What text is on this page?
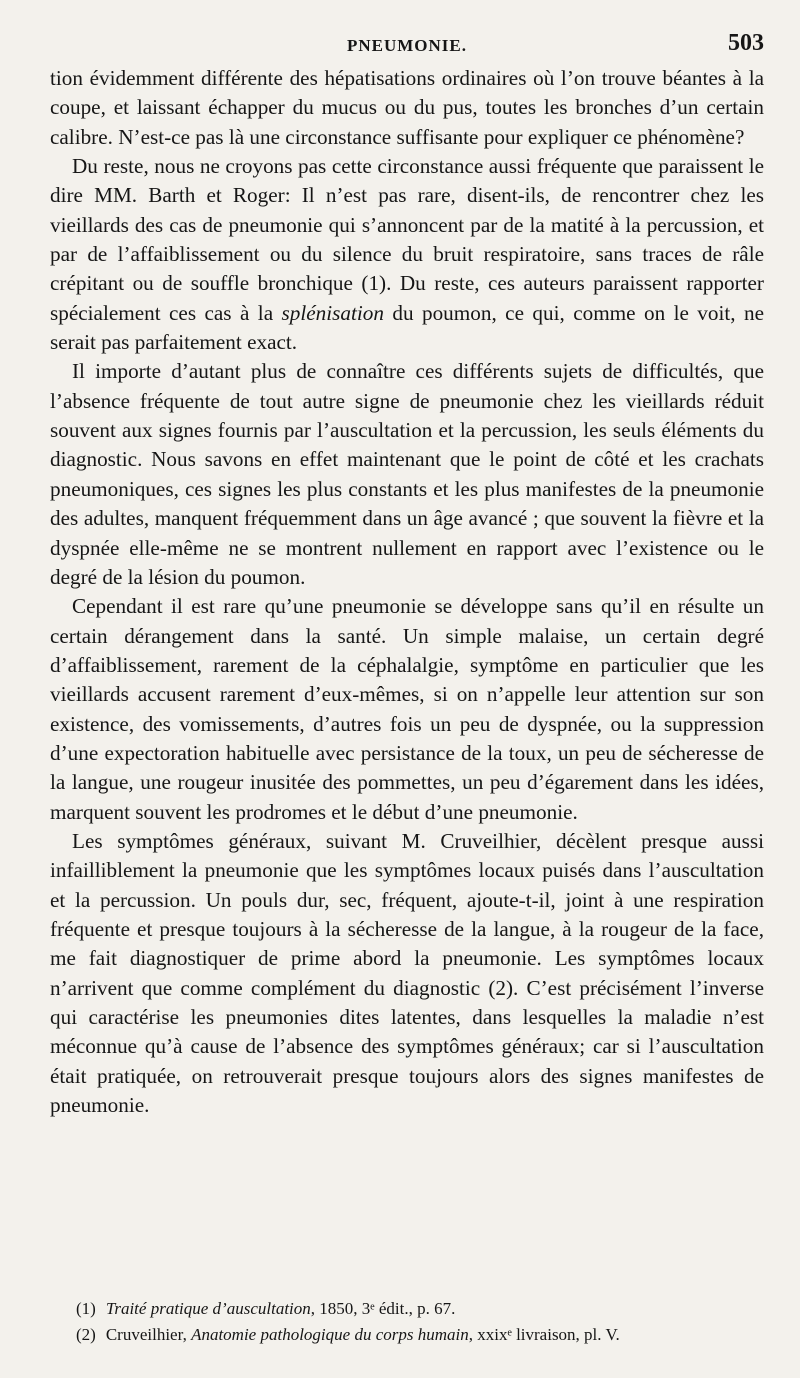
PNEUMONIE.	503

tion évidemment différente des hépatisations ordinaires où l’on trouve béantes à la coupe, et laissant échapper du mucus ou du pus, toutes les bronches d’un certain calibre. N’est-ce pas là une circonstance suffisante pour expliquer ce phénomène?

Du reste, nous ne croyons pas cette circonstance aussi fréquente que paraissent le dire MM. Barth et Roger: Il n’est pas rare, disent-ils, de rencontrer chez les vieillards des cas de pneumonie qui s’annoncent par de la matité à la percussion, et par de l’affaiblissement ou du silence du bruit respiratoire, sans traces de râle crépitant ou de souffle bronchique (1). Du reste, ces auteurs paraissent rapporter spécialement ces cas à la splénisation du poumon, ce qui, comme on le voit, ne serait pas parfaitement exact.

Il importe d’autant plus de connaître ces différents sujets de difficultés, que l’absence fréquente de tout autre signe de pneumonie chez les vieillards réduit souvent aux signes fournis par l’auscultation et la percussion, les seuls éléments du diagnostic. Nous savons en effet maintenant que le point de côté et les crachats pneumoniques, ces signes les plus constants et les plus manifestes de la pneumonie des adultes, manquent fréquemment dans un âge avancé ; que souvent la fièvre et la dyspnée elle-même ne se montrent nullement en rapport avec l’existence ou le degré de la lésion du poumon.

Cependant il est rare qu’une pneumonie se développe sans qu’il en résulte un certain dérangement dans la santé. Un simple malaise, un certain degré d’affaiblissement, rarement de la céphalalgie, symptôme en particulier que les vieillards accusent rarement d’eux-mêmes, si on n’appelle leur attention sur son existence, des vomissements, d’autres fois un peu de dyspnée, ou la suppression d’une expectoration habituelle avec persistance de la toux, un peu de sécheresse de la langue, une rougeur inusitée des pommettes, un peu d’égarement dans les idées, marquent souvent les prodromes et le début d’une pneumonie.

Les symptômes généraux, suivant M. Cruveilhier, décèlent presque aussi infailliblement la pneumonie que les symptômes locaux puisés dans l’auscultation et la percussion. Un pouls dur, sec, fréquent, ajoute-t-il, joint à une respiration fréquente et presque toujours à la sécheresse de la langue, à la rougeur de la face, me fait diagnostiquer de prime abord la pneumonie. Les symptômes locaux n’arrivent que comme complément du diagnostic (2). C’est précisément l’inverse qui caractérise les pneumonies dites latentes, dans lesquelles la maladie n’est méconnue qu’à cause de l’absence des symptômes généraux; car si l’auscultation était pratiquée, on retrouverait presque toujours alors des signes manifestes de pneumonie.

(1) Traité pratique d’auscultation, 1850, 3ᵉ édit., p. 67.
(2) Cruveilhier, Anatomie pathologique du corps humain, xxixᵉ livraison, pl. V.
